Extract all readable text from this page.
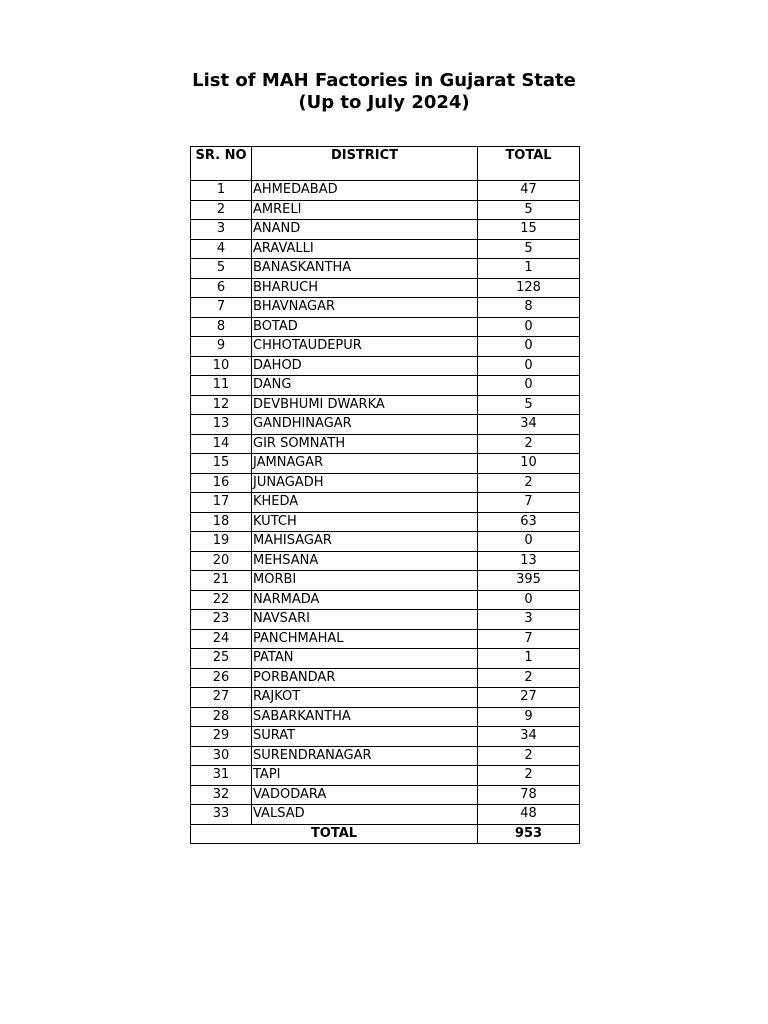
List of MAH Factories in Gujarat State
(Up to July 2024)
SR. NO	DISTRICT	TOTAL
1	AHMEDABAD	47
2	AMRELI	5
3	ANAND	15
4	ARAVALLI	5
5	BANASKANTHA	1
6	BHARUCH	128
7	BHAVNAGAR	8
8	BOTAD	0
9	CHHOTAUDEPUR	0
10	DAHOD	0
11	DANG	0
12	DEVBHUMI DWARKA	5
13	GANDHINAGAR	34
14	GIR SOMNATH	2
15	JAMNAGAR	10
16	JUNAGADH	2
17	KHEDA	7
18	KUTCH	63
19	MAHISAGAR	0
20	MEHSANA	13
21	MORBI	395
22	NARMADA	0
23	NAVSARI	3
24	PANCHMAHAL	7
25	PATAN	1
26	PORBANDAR	2
27	RAJKOT	27
28	SABARKANTHA	9
29	SURAT	34
30	SURENDRANAGAR	2
31	TAPI	2
32	VADODARA	78
33	VALSAD	48
TOTAL		953
